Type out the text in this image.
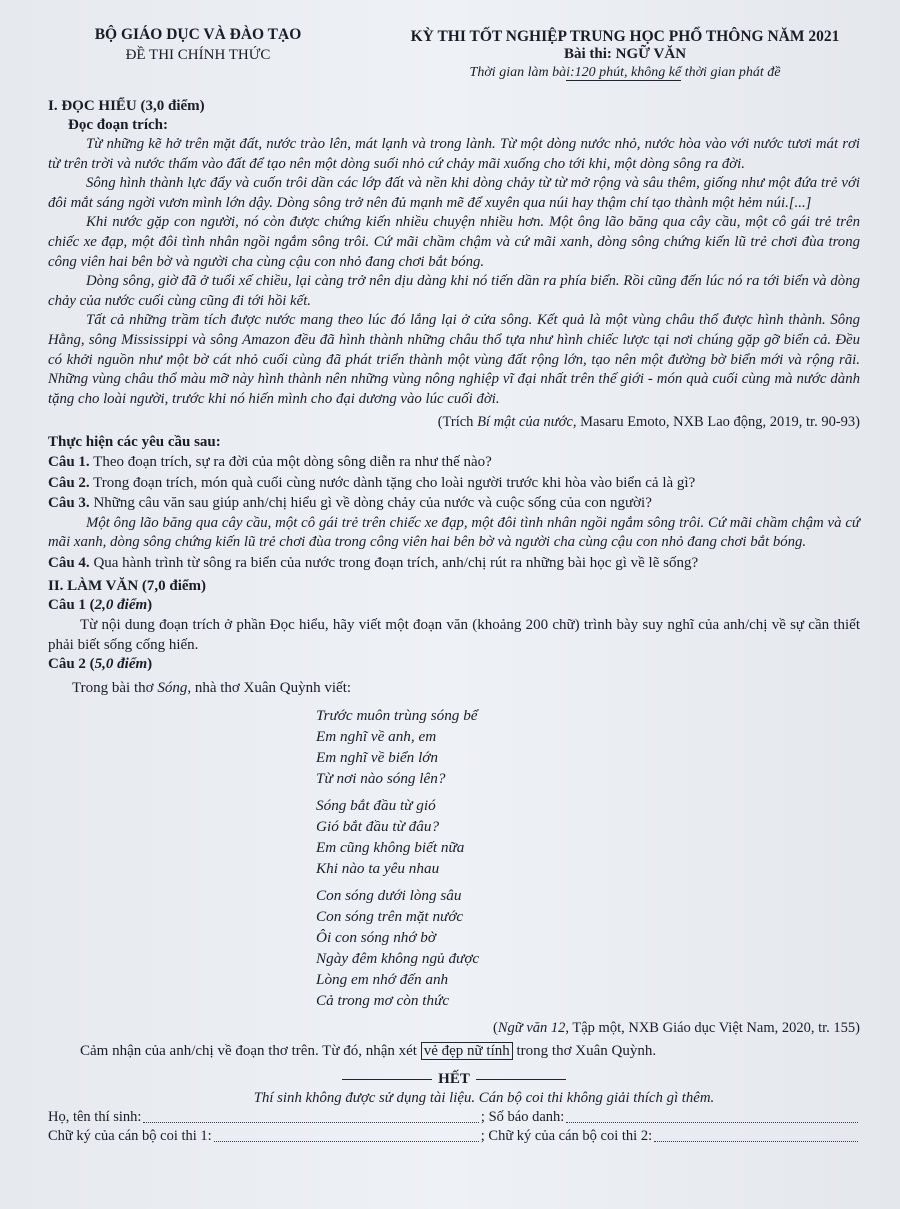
BỘ GIÁO DỤC VÀ ĐÀO TẠO
ĐỀ THI CHÍNH THỨC
KỲ THI TỐT NGHIỆP TRUNG HỌC PHỔ THÔNG NĂM 2021
Bài thi: NGỮ VĂN
Thời gian làm bài:120 phút, không kể thời gian phát đề
I. ĐỌC HIỂU (3,0 điểm)
Đọc đoạn trích:

Từ những kẽ hở trên mặt đất, nước trào lên, mát lạnh và trong lành. Từ một dòng nước nhỏ, nước hòa vào với nước tươi mát rơi từ trên trời và nước thấm vào đất để tạo nên một dòng suối nhỏ cứ chảy mãi xuống cho tới khi, một dòng sông ra đời.

Sông hình thành lực đẩy và cuốn trôi dần các lớp đất và nền khi dòng chảy từ từ mở rộng và sâu thêm, giống như một đứa trẻ với đôi mắt sáng ngời vươn mình lớn dậy. Dòng sông trở nên đủ mạnh mẽ để xuyên qua núi hay thậm chí tạo thành một hẻm núi.[...]

Khi nước gặp con người, nó còn được chứng kiến nhiều chuyện nhiều hơn. Một ông lão băng qua cây cầu, một cô gái trẻ trên chiếc xe đạp, một đôi tình nhân ngồi ngắm sông trôi. Cứ mãi chầm chậm và cứ mãi xanh, dòng sông chứng kiến lũ trẻ chơi đùa trong công viên hai bên bờ và người cha cùng cậu con nhỏ đang chơi bắt bóng.

Dòng sông, giờ đã ở tuổi xế chiều, lại càng trở nên dịu dàng khi nó tiến dần ra phía biển. Rồi cũng đến lúc nó ra tới biển và dòng chảy của nước cuối cùng cũng đi tới hồi kết.

Tất cả những trầm tích được nước mang theo lúc đó lắng lại ở cửa sông. Kết quả là một vùng châu thổ được hình thành. Sông Hằng, sông Mississippi và sông Amazon đều đã hình thành những châu thổ tựa như hình chiếc lược tại nơi chúng gặp gỡ biển cả. Đều có khởi nguồn như một bờ cát nhỏ cuối cùng đã phát triển thành một vùng đất rộng lớn, tạo nên một đường bờ biển mới và rộng rãi. Những vùng châu thổ màu mỡ này hình thành nên những vùng nông nghiệp vĩ đại nhất trên thế giới - món quà cuối cùng mà nước dành tặng cho loài người, trước khi nó hiến mình cho đại dương vào lúc cuối đời.

(Trích Bí mật của nước, Masaru Emoto, NXB Lao động, 2019, tr. 90-93)

Thực hiện các yêu cầu sau:

Câu 1. Theo đoạn trích, sự ra đời của một dòng sông diễn ra như thế nào?

Câu 2. Trong đoạn trích, món quà cuối cùng nước dành tặng cho loài người trước khi hòa vào biển cả là gì?

Câu 3. Những câu văn sau giúp anh/chị hiểu gì về dòng chảy của nước và cuộc sống của con người?

Một ông lão băng qua cây cầu, một cô gái trẻ trên chiếc xe đạp, một đôi tình nhân ngồi ngắm sông trôi. Cứ mãi chầm chậm và cứ mãi xanh, dòng sông chứng kiến lũ trẻ chơi đùa trong công viên hai bên bờ và người cha cùng cậu con nhỏ đang chơi bắt bóng.

Câu 4. Qua hành trình từ sông ra biển của nước trong đoạn trích, anh/chị rút ra những bài học gì về lẽ sống?

II. LÀM VĂN (7,0 điểm)
Câu 1 (2,0 điểm)

Từ nội dung đoạn trích ở phần Đọc hiểu, hãy viết một đoạn văn (khoảng 200 chữ) trình bày suy nghĩ của anh/chị về sự cần thiết phải biết sống cống hiến.

Câu 2 (5,0 điểm)
Trong bài thơ Sóng, nhà thơ Xuân Quỳnh viết:
Trước muôn trùng sóng bể
Em nghĩ về anh, em
Em nghĩ về biển lớn
Từ nơi nào sóng lên?
Sóng bắt đầu từ gió
Gió bắt đầu từ đâu?
Em cũng không biết nữa
Khi nào ta yêu nhau
Con sóng dưới lòng sâu
Con sóng trên mặt nước
Ôi con sóng nhớ bờ
Ngày đêm không ngủ được
Lòng em nhớ đến anh
Cả trong mơ còn thức

(Ngữ văn 12, Tập một, NXB Giáo dục Việt Nam, 2020, tr. 155)

Cảm nhận của anh/chị về đoạn thơ trên. Từ đó, nhận xét vẻ đẹp nữ tính trong thơ Xuân Quỳnh.

HẾT
Thí sinh không được sử dụng tài liệu. Cán bộ coi thi không giải thích gì thêm.
Họ, tên thí sinh:	; Số báo danh:
Chữ ký của cán bộ coi thi 1:	; Chữ ký của cán bộ coi thi 2:
